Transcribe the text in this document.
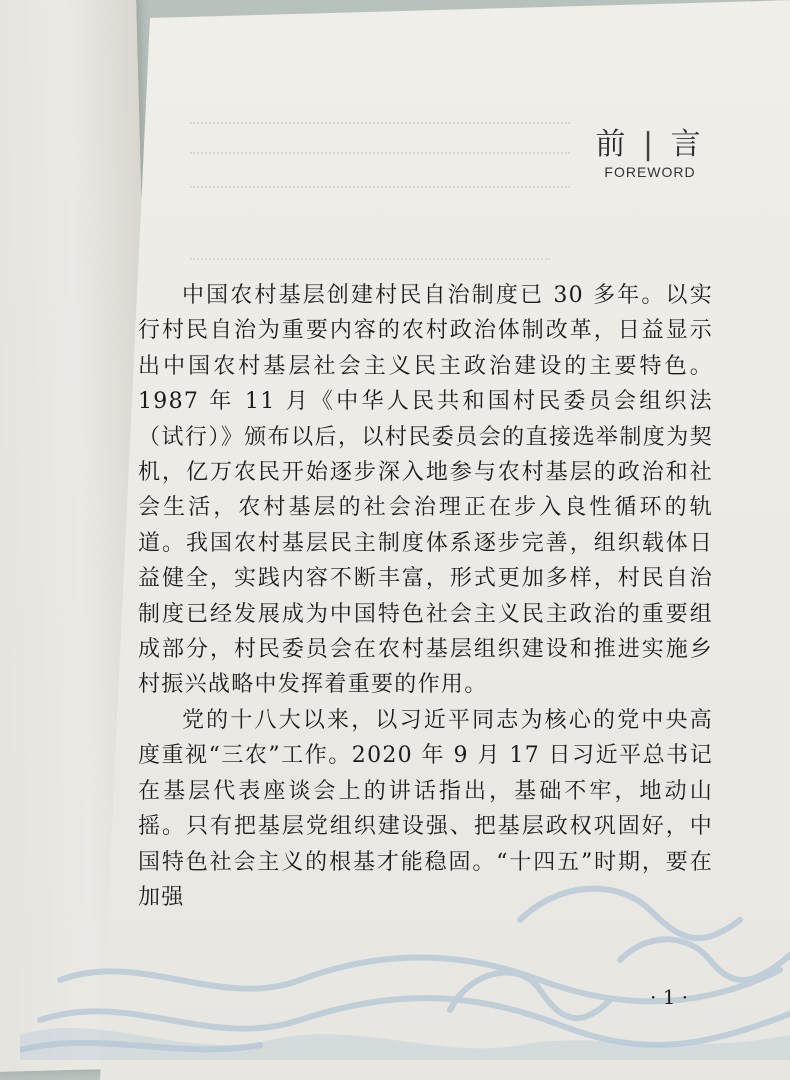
前 | 言
FOREWORD

中国农村基层创建村民自治制度已 30 多年。以实行村民自治为重要内容的农村政治体制改革，日益显示出中国农村基层社会主义民主政治建设的主要特色。1987 年 11 月《中华人民共和国村民委员会组织法（试行）》颁布以后，以村民委员会的直接选举制度为契机，亿万农民开始逐步深入地参与农村基层的政治和社会生活，农村基层的社会治理正在步入良性循环的轨道。我国农村基层民主制度体系逐步完善，组织载体日益健全，实践内容不断丰富，形式更加多样，村民自治制度已经发展成为中国特色社会主义民主政治的重要组成部分，村民委员会在农村基层组织建设和推进实施乡村振兴战略中发挥着重要的作用。

党的十八大以来，以习近平同志为核心的党中央高度重视“三农”工作。2020 年 9 月 17 日习近平总书记在基层代表座谈会上的讲话指出，基础不牢，地动山摇。只有把基层党组织建设强、把基层政权巩固好，中国特色社会主义的根基才能稳固。“十四五”时期，要在加强

· 1 ·
